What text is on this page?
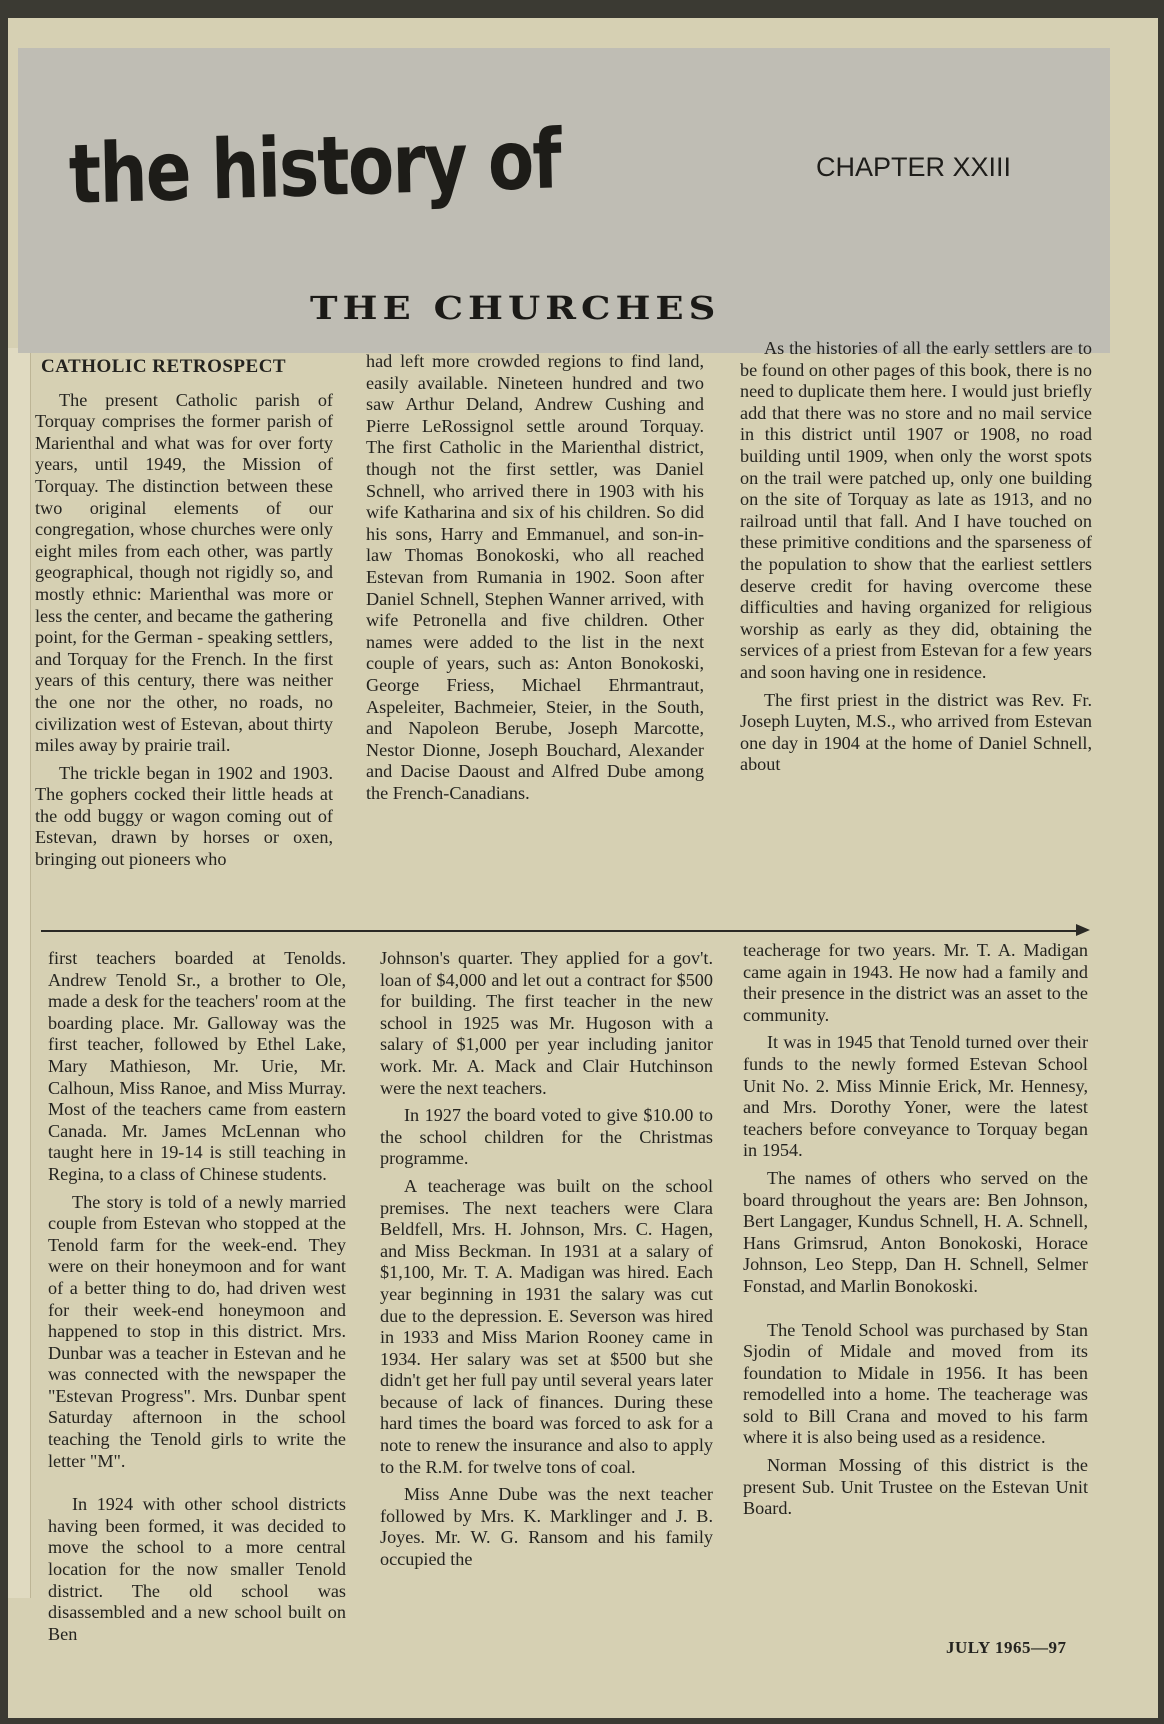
the history of	CHAPTER XXIII
THE CHURCHES

CATHOLIC RETROSPECT

The present Catholic parish of Torquay comprises the former parish of Marienthal and what was for over forty years, until 1949, the Mission of Torquay. The distinction between these two original elements of our congregation, whose churches were only eight miles from each other, was partly geographical, though not rigidly so, and mostly ethnic: Marienthal was more or less the center, and became the gathering point, for the German - speaking settlers, and Torquay for the French. In the first years of this century, there was neither the one nor the other, no roads, no civilization west of Estevan, about thirty miles away by prairie trail.

The trickle began in 1902 and 1903. The gophers cocked their little heads at the odd buggy or wagon coming out of Estevan, drawn by horses or oxen, bringing out pioneers who

had left more crowded regions to find land, easily available. Nineteen hundred and two saw Arthur Deland, Andrew Cushing and Pierre LeRossignol settle around Torquay. The first Catholic in the Marienthal district, though not the first settler, was Daniel Schnell, who arrived there in 1903 with his wife Katharina and six of his children. So did his sons, Harry and Emmanuel, and son-in-law Thomas Bonokoski, who all reached Estevan from Rumania in 1902. Soon after Daniel Schnell, Stephen Wanner arrived, with wife Petronella and five children. Other names were added to the list in the next couple of years, such as: Anton Bonokoski, George Friess, Michael Ehrmantraut, Aspeleiter, Bachmeier, Steier, in the South, and Napoleon Berube, Joseph Marcotte, Nestor Dionne, Joseph Bouchard, Alexander and Dacise Daoust and Alfred Dube among the French-Canadians.

As the histories of all the early settlers are to be found on other pages of this book, there is no need to duplicate them here. I would just briefly add that there was no store and no mail service in this district until 1907 or 1908, no road building until 1909, when only the worst spots on the trail were patched up, only one building on the site of Torquay as late as 1913, and no railroad until that fall. And I have touched on these primitive conditions and the sparseness of the population to show that the earliest settlers deserve credit for having overcome these difficulties and having organized for religious worship as early as they did, obtaining the services of a priest from Estevan for a few years and soon having one in residence.

The first priest in the district was Rev. Fr. Joseph Luyten, M.S., who arrived from Estevan one day in 1904 at the home of Daniel Schnell, about

first teachers boarded at Tenolds. Andrew Tenold Sr., a brother to Ole, made a desk for the teachers' room at the boarding place. Mr. Galloway was the first teacher, followed by Ethel Lake, Mary Mathieson, Mr. Urie, Mr. Calhoun, Miss Ranoe, and Miss Murray. Most of the teachers came from eastern Canada. Mr. James McLennan who taught here in 19-14 is still teaching in Regina, to a class of Chinese students.

The story is told of a newly married couple from Estevan who stopped at the Tenold farm for the week-end. They were on their honeymoon and for want of a better thing to do, had driven west for their week-end honeymoon and happened to stop in this district. Mrs. Dunbar was a teacher in Estevan and he was connected with the newspaper the "Estevan Progress". Mrs. Dunbar spent Saturday afternoon in the school teaching the Tenold girls to write the letter "M".

In 1924 with other school districts having been formed, it was decided to move the school to a more central location for the now smaller Tenold district. The old school was disassembled and a new school built on Ben

Johnson's quarter. They applied for a gov't. loan of $4,000 and let out a contract for $500 for building. The first teacher in the new school in 1925 was Mr. Hugoson with a salary of $1,000 per year including janitor work. Mr. A. Mack and Clair Hutchinson were the next teachers.

In 1927 the board voted to give $10.00 to the school children for the Christmas programme.

A teacherage was built on the school premises. The next teachers were Clara Beldfell, Mrs. H. Johnson, Mrs. C. Hagen, and Miss Beckman. In 1931 at a salary of $1,100, Mr. T. A. Madigan was hired. Each year beginning in 1931 the salary was cut due to the depression. E. Severson was hired in 1933 and Miss Marion Rooney came in 1934. Her salary was set at $500 but she didn't get her full pay until several years later because of lack of finances. During these hard times the board was forced to ask for a note to renew the insurance and also to apply to the R.M. for twelve tons of coal.

Miss Anne Dube was the next teacher followed by Mrs. K. Marklinger and J. B. Joyes. Mr. W. G. Ransom and his family occupied the

teacherage for two years. Mr. T. A. Madigan came again in 1943. He now had a family and their presence in the district was an asset to the community.

It was in 1945 that Tenold turned over their funds to the newly formed Estevan School Unit No. 2. Miss Minnie Erick, Mr. Hennesy, and Mrs. Dorothy Yoner, were the latest teachers before conveyance to Torquay began in 1954.

The names of others who served on the board throughout the years are: Ben Johnson, Bert Langager, Kundus Schnell, H. A. Schnell, Hans Grimsrud, Anton Bonokoski, Horace Johnson, Leo Stepp, Dan H. Schnell, Selmer Fonstad, and Marlin Bonokoski.

The Tenold School was purchased by Stan Sjodin of Midale and moved from its foundation to Midale in 1956. It has been remodelled into a home. The teacherage was sold to Bill Crana and moved to his farm where it is also being used as a residence.

Norman Mossing of this district is the present Sub. Unit Trustee on the Estevan Unit Board.

JULY 1965—97
